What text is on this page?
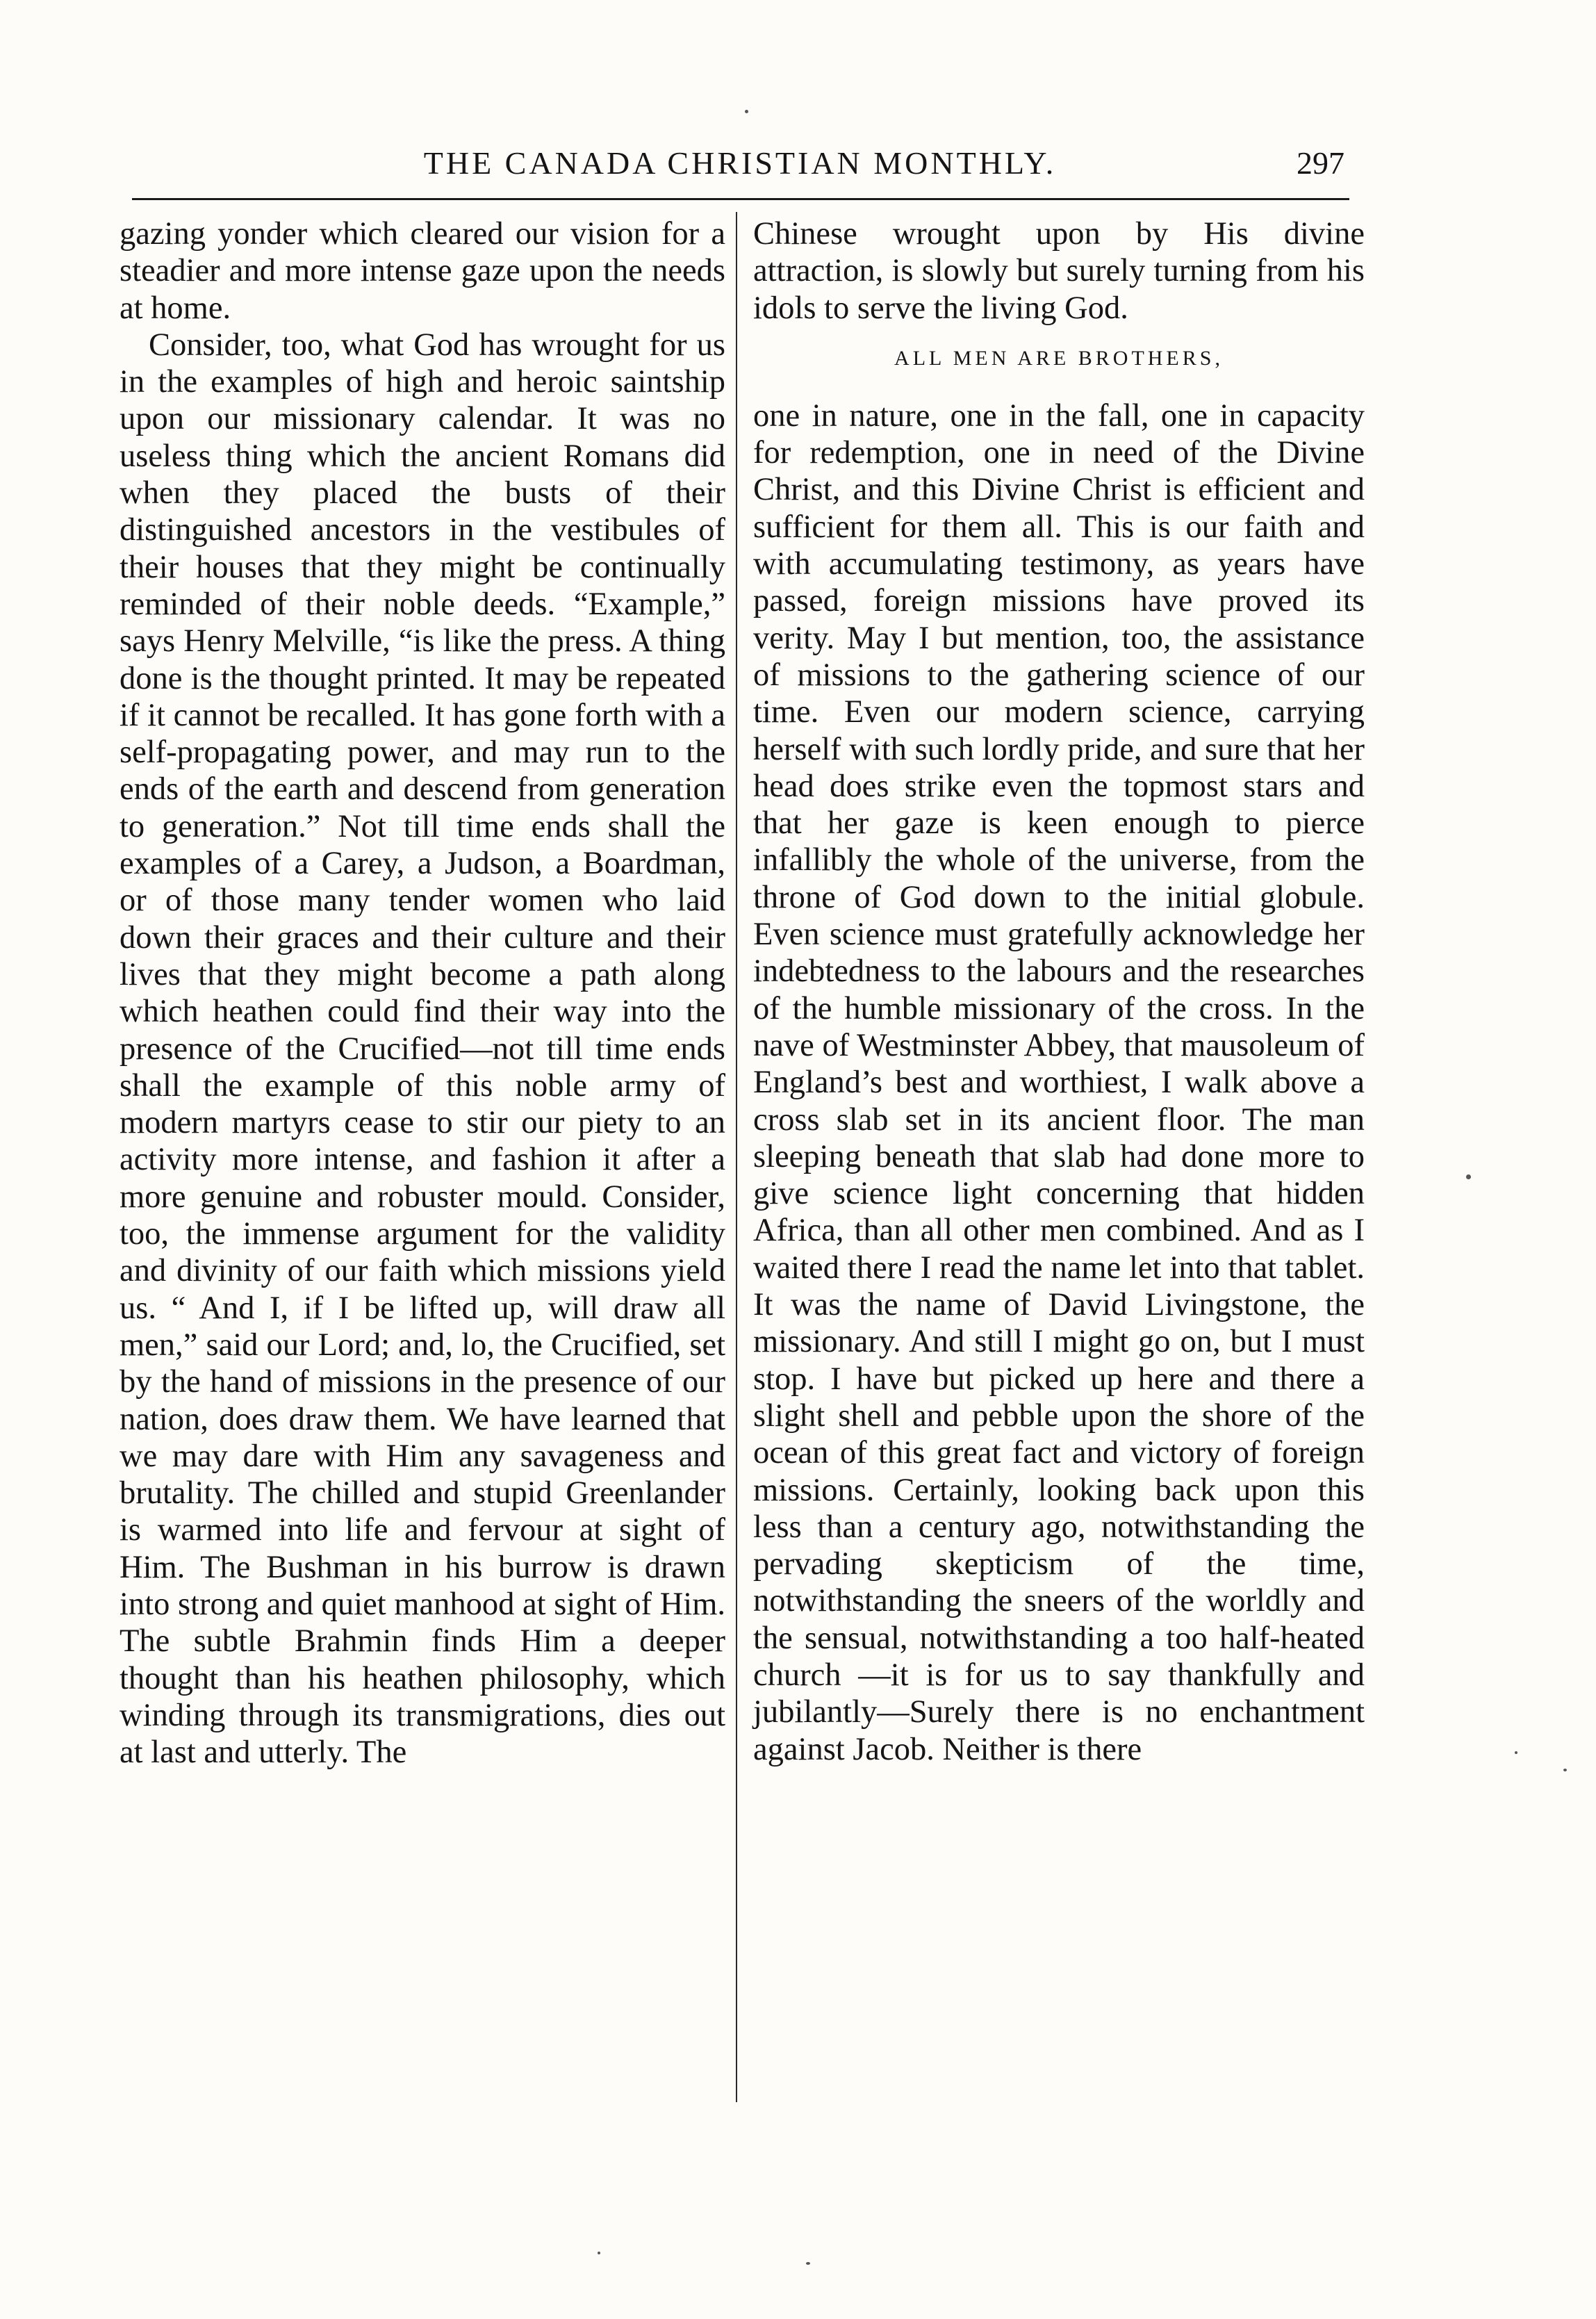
THE CANADA CHRISTIAN MONTHLY.	297

gazing yonder which cleared our vision for a steadier and more intense gaze upon the needs at home.

Consider, too, what God has wrought for us in the examples of high and heroic saintship upon our missionary calendar. It was no useless thing which the ancient Romans did when they placed the busts of their distinguished ancestors in the vestibules of their houses that they might be continually reminded of their noble deeds. “Example,” says Henry Melville, “is like the press. A thing done is the thought printed. It may be repeated if it cannot be recalled. It has gone forth with a self-propagating power, and may run to the ends of the earth and descend from generation to generation.” Not till time ends shall the examples of a Carey, a Judson, a Boardman, or of those many tender women who laid down their graces and their culture and their lives that they might become a path along which heathen could find their way into the presence of the Crucified—not till time ends shall the example of this noble army of modern martyrs cease to stir our piety to an activity more intense, and fashion it after a more genuine and robuster mould. Consider, too, the immense argument for the validity and divinity of our faith which missions yield us. “ And I, if I be lifted up, will draw all men,” said our Lord; and, lo, the Crucified, set by the hand of missions in the presence of our nation, does draw them. We have learned that we may dare with Him any savageness and brutality. The chilled and stupid Greenlander is warmed into life and fervour at sight of Him. The Bushman in his burrow is drawn into strong and quiet manhood at sight of Him. The subtle Brahmin finds Him a deeper thought than his heathen philosophy, which winding through its transmigrations, dies out at last and utterly. The

Chinese wrought upon by His divine attraction, is slowly but surely turning from his idols to serve the living God.

ALL MEN ARE BROTHERS,

one in nature, one in the fall, one in capacity for redemption, one in need of the Divine Christ, and this Divine Christ is efficient and sufficient for them all. This is our faith and with accumulating testimony, as years have passed, foreign missions have proved its verity. May I but mention, too, the assistance of missions to the gathering science of our time. Even our modern science, carrying herself with such lordly pride, and sure that her head does strike even the topmost stars and that her gaze is keen enough to pierce infallibly the whole of the universe, from the throne of God down to the initial globule. Even science must gratefully acknowledge her indebtedness to the labours and the researches of the humble missionary of the cross. In the nave of Westminster Abbey, that mausoleum of England’s best and worthiest, I walk above a cross slab set in its ancient floor. The man sleeping beneath that slab had done more to give science light concerning that hidden Africa, than all other men combined. And as I waited there I read the name let into that tablet. It was the name of David Livingstone, the missionary. And still I might go on, but I must stop. I have but picked up here and there a slight shell and pebble upon the shore of the ocean of this great fact and victory of foreign missions. Certainly, looking back upon this less than a century ago, notwithstanding the pervading skepticism of the time, notwithstanding the sneers of the worldly and the sensual, notwithstanding a too half-heated church —it is for us to say thankfully and jubilantly—Surely there is no enchantment against Jacob. Neither is there
